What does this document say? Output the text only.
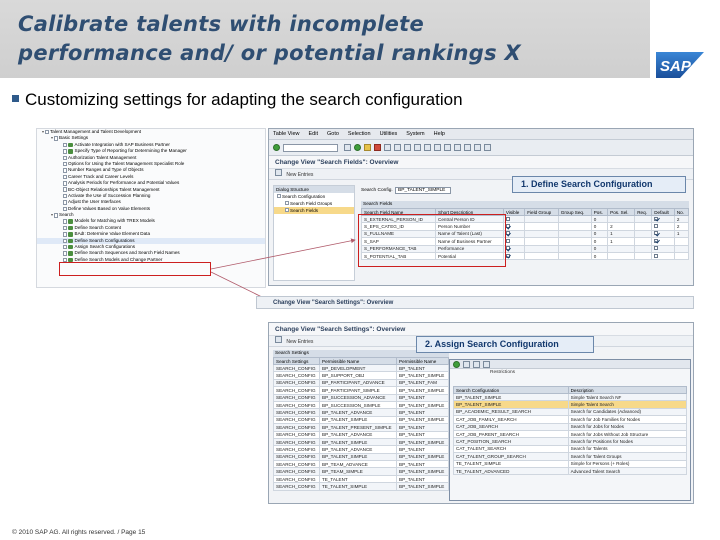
Calibrate talents with incomplete
performance and/ or potential rankings X
SAP
Customizing settings for adapting the search configuration
▾ Talent Management and Talent Development
▾ Basic Settings
Activate Integration with SAP Business Partner
Specify Type of Reporting for Determining the Manager
Authorization Talent Management
Options for Using the Talent Management Specialist Role
Number Ranges and Type of Objects
Career Track and Career Levels
Analysis Periods for Performance and Potential Values
BC-Object Relationships Talent Management
Activate the Use of Succession Planning
Adjust the User Interfaces
Define Values Based on Value Elements
▾ Search
Models for Matching with TREX Models
Define Search Content
BAdI: Determine Value Element Data
Define Search Configurations
Assign Search Configurations
Define Search Sequences and Search Field Names
Define Search Models and Change Partner
Table View Edit Goto Selection Utilities System Help
Change View "Search Fields": Overview
New Entries
Dialog Structure
Search Configuration
Search Field Groups
Search Fields
Search Config.	BP_TALENT_SIMPLE
Search Fields
Search Field Name	Short Description	Visible	Field Group	Group Seq.	Pos.	Pos. Sel.	Req.	Default	No.
S_EXTERNAL_PERSON_ID	Central Person ID				0				2
S_EPS_CATEG_ID	Person Number				0	2			2
S_FULLNAME	Name of Talent (Last)				0	1			1
S_SAP	Name of Business Partner				0	1			
S_PERFORMANCE_TAB	Performance				0				
S_POTENTIAL_TAB	Potential				0				
1. Define Search Configuration
Change View "Search Settings": Overview
Change View "Search Settings": Overview
New Entries
Search Settings
Search Settings	Permissible Name	Permissible Name
SEARCH_CONFIG	BP_DEVELOPMENT	BP_TALENT
SEARCH_CONFIG	BP_SUPPORT_OBJ	BP_TALENT_SIMPLE
SEARCH_CONFIG	BP_PARTICIPANT_ADVANCE	BP_TALENT_FAM
SEARCH_CONFIG	BP_PARTICIPANT_SIMPLE	BP_TALENT_SIMPLE
SEARCH_CONFIG	BP_SUCCESSION_ADVANCE	BP_TALENT
SEARCH_CONFIG	BP_SUCCESSION_SIMPLE	BP_TALENT_SIMPLE
SEARCH_CONFIG	BP_TALENT_ADVANCE	BP_TALENT
SEARCH_CONFIG	BP_TALENT_SIMPLE	BP_TALENT_SIMPLE
SEARCH_CONFIG	BP_TALENT_PRESENT_SIMPLE	BP_TALENT
SEARCH_CONFIG	BP_TALENT_ADVANCE	BP_TALENT
SEARCH_CONFIG	BP_TALENT_SIMPLE	BP_TALENT_SIMPLE
SEARCH_CONFIG	BP_TALENT_ADVANCE	BP_TALENT
SEARCH_CONFIG	BP_TALENT_SIMPLE	BP_TALENT_SIMPLE
SEARCH_CONFIG	BP_TEAM_ADVANCE	BP_TALENT
SEARCH_CONFIG	BP_TEAM_SIMPLE	BP_TALENT_SIMPLE
SEARCH_CONFIG	TE_TALENT	BP_TALENT
SEARCH_CONFIG	TE_TALENT_SIMPLE	BP_TALENT_SIMPLE
Restrictions
Search Configuration	Description
BP_TALENT_SIMPLE	Simple Talent Search NF
BP_TALENT_SIMPLE	Simple Talent Search
BP_ACADEMIC_RESULT_SEARCH	Search for Candidates (Advanced)
CAT_JOB_FAMILY_SEARCH	Search for Job Families for Nodes
CAT_JOB_SEARCH	Search for Jobs for Nodes
CAT_JOB_PARENT_SEARCH	Search for Jobs Without Job Structure
CAT_POSITION_SEARCH	Search for Positions for Nodes
CAT_TALENT_SEARCH	Search for Talents
CAT_TALENT_GROUP_SEARCH	Search for Talent Groups
TE_TALENT_SIMPLE	Simple for Persons (+ Roles)
TE_TALENT_ADVANCED	Advanced Talent Search
2. Assign Search Configuration
© 2010 SAP AG. All rights reserved. / Page 15
